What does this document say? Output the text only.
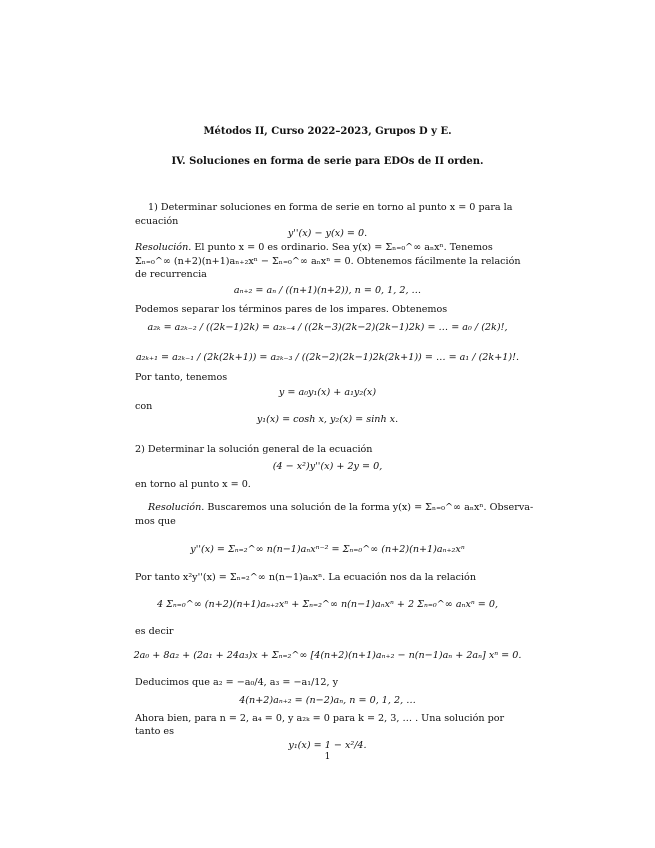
Métodos II, Curso 2022–2023, Grupos D y E.
IV. Soluciones en forma de serie para EDOs de II orden.
1) Determinar soluciones en forma de serie en torno al punto x = 0 para la
ecuación
y''(x) − y(x) = 0.
Resolución. El punto x = 0 es ordinario. Sea y(x) = Σₙ₌₀^∞ aₙxⁿ. Tenemos
Σₙ₌₀^∞ (n+2)(n+1)aₙ₊₂xⁿ − Σₙ₌₀^∞ aₙxⁿ = 0. Obtenemos fácilmente la relación
de recurrencia
aₙ₊₂ = aₙ / ((n+1)(n+2)), n = 0, 1, 2, …
Podemos separar los términos pares de los impares. Obtenemos
a₂ₖ = a₂ₖ₋₂ / ((2k−1)2k) = a₂ₖ₋₄ / ((2k−3)(2k−2)(2k−1)2k) = … = a₀ / (2k)!,
a₂ₖ₊₁ = a₂ₖ₋₁ / (2k(2k+1)) = a₂ₖ₋₃ / ((2k−2)(2k−1)2k(2k+1)) = … = a₁ / (2k+1)!.
Por tanto, tenemos
y = a₀y₁(x) + a₁y₂(x)
con
y₁(x) = cosh x, y₂(x) = sinh x.
2) Determinar la solución general de la ecuación
(4 − x²)y''(x) + 2y = 0,
en torno al punto x = 0.
Resolución. Buscaremos una solución de la forma y(x) = Σₙ₌₀^∞ aₙxⁿ. Observa-
mos que
y''(x) = Σₙ₌₂^∞ n(n−1)aₙxⁿ⁻² = Σₙ₌₀^∞ (n+2)(n+1)aₙ₊₂xⁿ
Por tanto x²y''(x) = Σₙ₌₂^∞ n(n−1)aₙxⁿ. La ecuación nos da la relación
4 Σₙ₌₀^∞ (n+2)(n+1)aₙ₊₂xⁿ + Σₙ₌₂^∞ n(n−1)aₙxⁿ + 2 Σₙ₌₀^∞ aₙxⁿ = 0,
es decir
2a₀ + 8a₂ + (2a₁ + 24a₃)x + Σₙ₌₂^∞ [4(n+2)(n+1)aₙ₊₂ − n(n−1)aₙ + 2aₙ] xⁿ = 0.
Deducimos que a₂ = −a₀/4, a₃ = −a₁/12, y
4(n+2)aₙ₊₂ = (n−2)aₙ, n = 0, 1, 2, …
Ahora bien, para n = 2, a₄ = 0, y a₂ₖ = 0 para k = 2, 3, … . Una solución por
tanto es
y₁(x) = 1 − x²/4.
1
